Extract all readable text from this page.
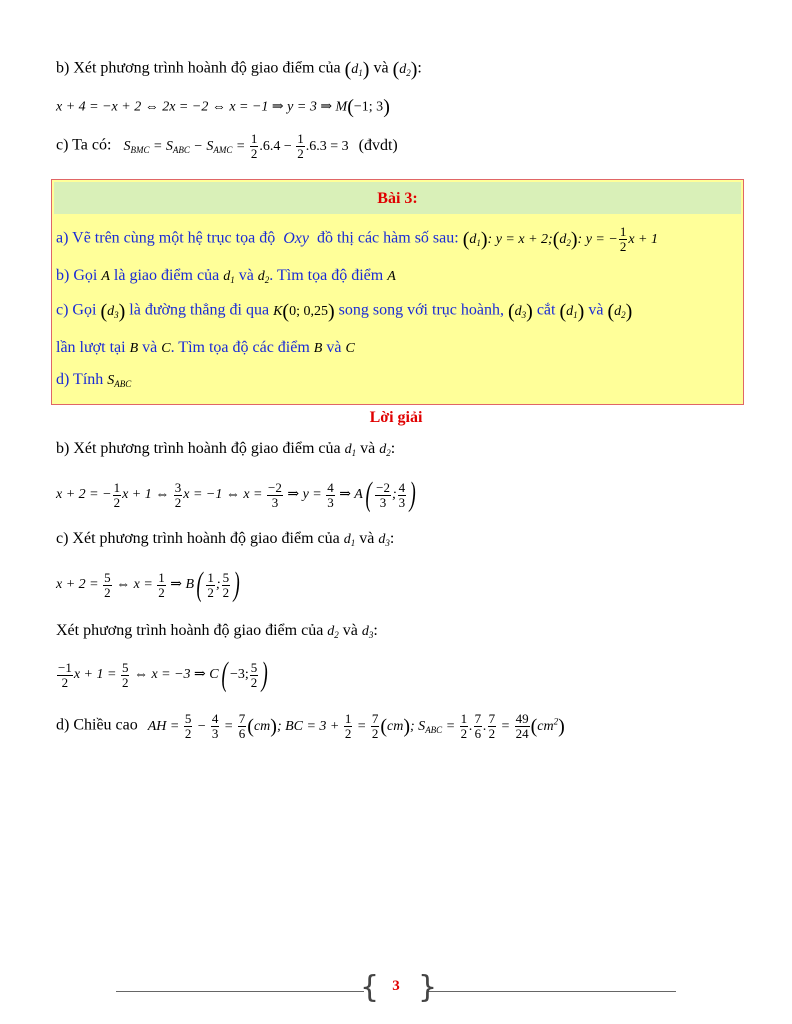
b) Xét phương trình hoành độ giao điểm của $(d_1)$ và $(d_2)$:
x + 4 = −x + 2 ⇔ 2x = −2 ⇔ x = −1 ⇒ y = 3 ⇒ M(−1; 3)
c) Ta có: $S_{BMC} = S_{ABC} - S_{AMC} = \frac{1}{2} .6.4 - \frac{1}{2} .6.3 = 3$ (đvdt)
Bài 3:
a) Vẽ trên cùng một hệ trục tọa độ Oxy đồ thị các hàm số sau: $(d_1)$: $y = x + 2;(d_2)$: y = − $\frac{1}{2}$ x + 1
b) Gọi A là giao điểm của $d_1$ và $d_2$. Tìm tọa độ điểm A
c) Gọi $(d_3)$ là đường thẳng đi qua K(0; 0,25) song song với trục hoành, $(d_3)$ cắt $(d_1)$ và $(d_2)$
lần lượt tại B và C. Tìm tọa độ các điểm B và C
d) Tính $S_{ABC}$
Lời giải
b) Xét phương trình hoành độ giao điểm của $d_1$ và $d_2$:
x + 2 = − $\frac{1}{2}$ x + 1 ⇔ $\frac{3}{2}$ x = −1 ⇔ $x = \frac{-2}{3}$ ⇒ $y = \frac{4}{3}$ ⇒ $A( \frac{-2}{3}$ ; $\frac{4}{3}$ )
c) Xét phương trình hoành độ giao điểm của $d_1$ và $d_3$:
$x + 2 = \frac{5}{2}$ ⇔ $x = \frac{1}{2}$ ⇒ $B( \frac{1}{2}$ ; $\frac{5}{2}$ )
Xét phương trình hoành độ giao điểm của $d_2$ và $d_3$:
$\frac{-1}{2}$ $x + 1 = \frac{5}{2}$ ⇔ x = −3 ⇒ C( −3; $\frac{5}{2}$ )
d) Chiều cao AH = $\frac{5}{2} - \frac{4}{3} = \frac{7}{6} (cm)$; BC = $3 + \frac{1}{2} = \frac{7}{2} (cm)$; $S_{ABC} = \frac{1}{2}$ . $\frac{7}{6}$ . $\frac{7}{2} = \frac{49}{24} (cm^2)$
{ }
3
